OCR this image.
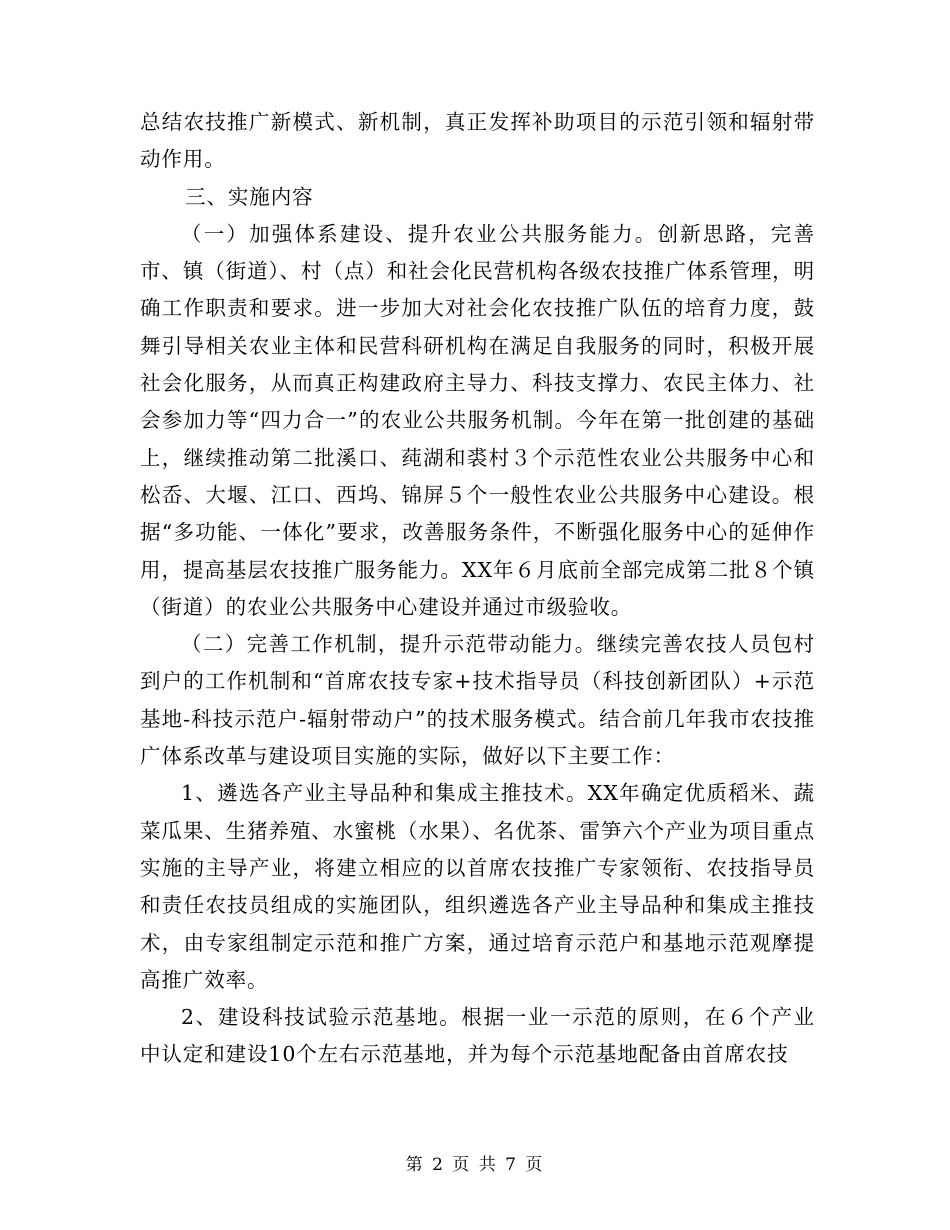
总结农技推广新模式、新机制，真正发挥补助项目的示范引领和辐射带动作用。

三、实施内容

（一）加强体系建设、提升农业公共服务能力。创新思路，完善市、镇（街道）、村（点）和社会化民营机构各级农技推广体系管理，明确工作职责和要求。进一步加大对社会化农技推广队伍的培育力度，鼓舞引导相关农业主体和民营科研机构在满足自我服务的同时，积极开展社会化服务，从而真正构建政府主导力、科技支撑力、农民主体力、社会参加力等“四力合一”的农业公共服务机制。今年在第一批创建的基础上，继续推动第二批溪口、莼湖和裘村３个示范性农业公共服务中心和松岙、大堰、江口、西坞、锦屏５个一般性农业公共服务中心建设。根据“多功能、一体化”要求，改善服务条件，不断强化服务中心的延伸作用，提高基层农技推广服务能力。XX年６月底前全部完成第二批８个镇（街道）的农业公共服务中心建设并通过市级验收。

（二）完善工作机制，提升示范带动能力。继续完善农技人员包村到户的工作机制和“首席农技专家+技术指导员（科技创新团队）+示范基地-科技示范户-辐射带动户”的技术服务模式。结合前几年我市农技推广体系改革与建设项目实施的实际，做好以下主要工作：

1、遴选各产业主导品种和集成主推技术。XX年确定优质稻米、蔬菜瓜果、生猪养殖、水蜜桃（水果）、名优茶、雷笋六个产业为项目重点实施的主导产业，将建立相应的以首席农技推广专家领衔、农技指导员和责任农技员组成的实施团队，组织遴选各产业主导品种和集成主推技术，由专家组制定示范和推广方案，通过培育示范户和基地示范观摩提高推广效率。

2、建设科技试验示范基地。根据一业一示范的原则，在６个产业中认定和建设10个左右示范基地，并为每个示范基地配备由首席农技

第 2 页 共 7 页
